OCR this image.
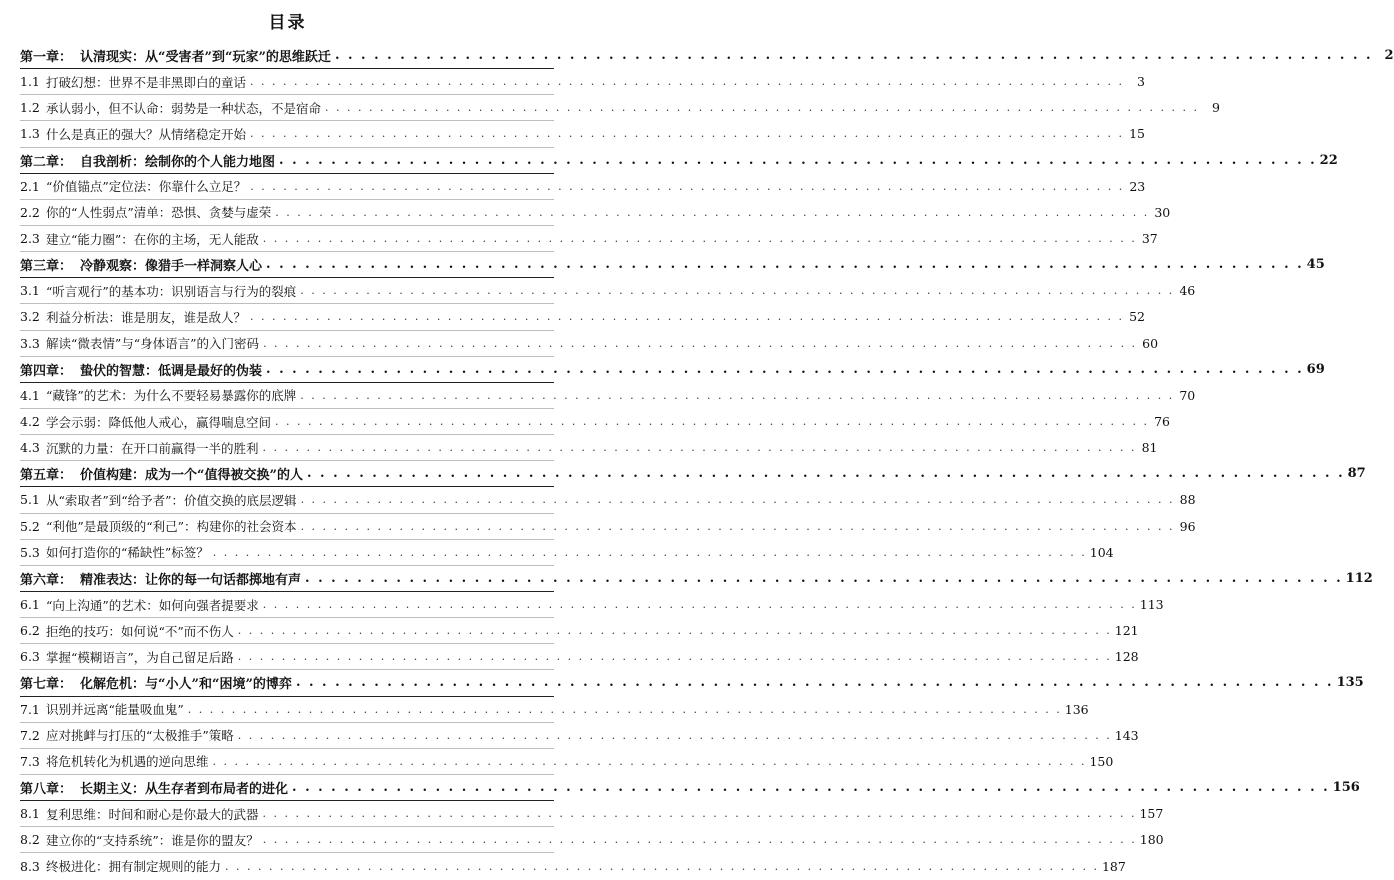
目录
第一章： 认清现实：从“受害者”到“玩家”的思维跃迁 . . . . . . . . . . . . . . . . . . . . . . . . . . . . . . . . . . . . . . . . . . . . . . . . . . . . . . . . . . . . . . . . . . . . . . . . . . . . . . . . 2
1.1 打破幻想：世界不是非黑即白的童话 . . . . . . . . . . . . . . . . . . . . . . . . . . . . . . . . . . . . . . . . . . . . . . . . . . . . . . . . . . . . . . . . . . . . . . . . . . . . . . . .	3
1.2 承认弱小，但不认命：弱势是一种状态，不是宿命 . . . . . . . . . . . . . . . . . . . . . . . . . . . . . . . . . . . . . . . . . . . . . . . . . . . . . . . . . . . . . . . . . . . . . . . . . . . . . . . .	9
1.3 什么是真正的强大？从情绪稳定开始 . . . . . . . . . . . . . . . . . . . . . . . . . . . . . . . . . . . . . . . . . . . . . . . . . . . . . . . . . . . . . . . . . . . . . . . . . . . . . . . . 15
第二章： 自我剖析：绘制你的个人能力地图 . . . . . . . . . . . . . . . . . . . . . . . . . . . . . . . . . . . . . . . . . . . . . . . . . . . . . . . . . . . . . . . . . . . . . . . . . . . . . . . . 22
2.1 “价值锚点”定位法：你靠什么立足？ . . . . . . . . . . . . . . . . . . . . . . . . . . . . . . . . . . . . . . . . . . . . . . . . . . . . . . . . . . . . . . . . . . . . . . . . . . . . . . . . 23
2.2 你的“人性弱点”清单：恐惧、贪婪与虚荣 . . . . . . . . . . . . . . . . . . . . . . . . . . . . . . . . . . . . . . . . . . . . . . . . . . . . . . . . . . . . . . . . . . . . . . . . . . . . . . . . 30
2.3 建立“能力圈”：在你的主场，无人能敌 . . . . . . . . . . . . . . . . . . . . . . . . . . . . . . . . . . . . . . . . . . . . . . . . . . . . . . . . . . . . . . . . . . . . . . . . . . . . . . . . 37
第三章： 冷静观察：像猎手一样洞察人心 . . . . . . . . . . . . . . . . . . . . . . . . . . . . . . . . . . . . . . . . . . . . . . . . . . . . . . . . . . . . . . . . . . . . . . . . . . . . . . . . 45
3.1 “听言观行”的基本功：识别语言与行为的裂痕 . . . . . . . . . . . . . . . . . . . . . . . . . . . . . . . . . . . . . . . . . . . . . . . . . . . . . . . . . . . . . . . . . . . . . . . . . . . . . . . . 46
3.2 利益分析法：谁是朋友，谁是敌人？ . . . . . . . . . . . . . . . . . . . . . . . . . . . . . . . . . . . . . . . . . . . . . . . . . . . . . . . . . . . . . . . . . . . . . . . . . . . . . . . . 52
3.3 解读“微表情”与“身体语言”的入门密码 . . . . . . . . . . . . . . . . . . . . . . . . . . . . . . . . . . . . . . . . . . . . . . . . . . . . . . . . . . . . . . . . . . . . . . . . . . . . . . . . 60
第四章： 蛰伏的智慧：低调是最好的伪装 . . . . . . . . . . . . . . . . . . . . . . . . . . . . . . . . . . . . . . . . . . . . . . . . . . . . . . . . . . . . . . . . . . . . . . . . . . . . . . . . 69
4.1 “藏锋”的艺术：为什么不要轻易暴露你的底牌 . . . . . . . . . . . . . . . . . . . . . . . . . . . . . . . . . . . . . . . . . . . . . . . . . . . . . . . . . . . . . . . . . . . . . . . . . . . . . . . . 70
4.2 学会示弱：降低他人戒心，赢得喘息空间 . . . . . . . . . . . . . . . . . . . . . . . . . . . . . . . . . . . . . . . . . . . . . . . . . . . . . . . . . . . . . . . . . . . . . . . . . . . . . . . . 76
4.3 沉默的力量：在开口前赢得一半的胜利 . . . . . . . . . . . . . . . . . . . . . . . . . . . . . . . . . . . . . . . . . . . . . . . . . . . . . . . . . . . . . . . . . . . . . . . . . . . . . . . . 81
第五章： 价值构建：成为一个“值得被交换”的人 . . . . . . . . . . . . . . . . . . . . . . . . . . . . . . . . . . . . . . . . . . . . . . . . . . . . . . . . . . . . . . . . . . . . . . . . . . . . . . . . 87
5.1 从“索取者”到“给予者”：价值交换的底层逻辑 . . . . . . . . . . . . . . . . . . . . . . . . . . . . . . . . . . . . . . . . . . . . . . . . . . . . . . . . . . . . . . . . . . . . . . . . . . . . . . . . 88
5.2 “利他”是最顶级的“利己”：构建你的社会资本 . . . . . . . . . . . . . . . . . . . . . . . . . . . . . . . . . . . . . . . . . . . . . . . . . . . . . . . . . . . . . . . . . . . . . . . . . . . . . . . . 96
5.3 如何打造你的“稀缺性”标签？ . . . . . . . . . . . . . . . . . . . . . . . . . . . . . . . . . . . . . . . . . . . . . . . . . . . . . . . . . . . . . . . . . . . . . . . . . . . . . . . . 104
第六章： 精准表达：让你的每一句话都掷地有声 . . . . . . . . . . . . . . . . . . . . . . . . . . . . . . . . . . . . . . . . . . . . . . . . . . . . . . . . . . . . . . . . . . . . . . . . . . . . . . . . 112
6.1 “向上沟通”的艺术：如何向强者提要求 . . . . . . . . . . . . . . . . . . . . . . . . . . . . . . . . . . . . . . . . . . . . . . . . . . . . . . . . . . . . . . . . . . . . . . . . . . . . . . . . 113
6.2 拒绝的技巧：如何说“不”而不伤人 . . . . . . . . . . . . . . . . . . . . . . . . . . . . . . . . . . . . . . . . . . . . . . . . . . . . . . . . . . . . . . . . . . . . . . . . . . . . . . . . 121
6.3 掌握“模糊语言”，为自己留足后路 . . . . . . . . . . . . . . . . . . . . . . . . . . . . . . . . . . . . . . . . . . . . . . . . . . . . . . . . . . . . . . . . . . . . . . . . . . . . . . . . 128
第七章： 化解危机：与“小人”和“困境”的博弈 . . . . . . . . . . . . . . . . . . . . . . . . . . . . . . . . . . . . . . . . . . . . . . . . . . . . . . . . . . . . . . . . . . . . . . . . . . . . . . . . 135
7.1 识别并远离“能量吸血鬼” . . . . . . . . . . . . . . . . . . . . . . . . . . . . . . . . . . . . . . . . . . . . . . . . . . . . . . . . . . . . . . . . . . . . . . . . . . . . . . . . 136
7.2 应对挑衅与打压的“太极推手”策略 . . . . . . . . . . . . . . . . . . . . . . . . . . . . . . . . . . . . . . . . . . . . . . . . . . . . . . . . . . . . . . . . . . . . . . . . . . . . . . . . 143
7.3 将危机转化为机遇的逆向思维 . . . . . . . . . . . . . . . . . . . . . . . . . . . . . . . . . . . . . . . . . . . . . . . . . . . . . . . . . . . . . . . . . . . . . . . . . . . . . . . . 150
第八章： 长期主义：从生存者到布局者的进化 . . . . . . . . . . . . . . . . . . . . . . . . . . . . . . . . . . . . . . . . . . . . . . . . . . . . . . . . . . . . . . . . . . . . . . . . . . . . . . . . 156
8.1 复利思维：时间和耐心是你最大的武器 . . . . . . . . . . . . . . . . . . . . . . . . . . . . . . . . . . . . . . . . . . . . . . . . . . . . . . . . . . . . . . . . . . . . . . . . . . . . . . . . 157
8.2 建立你的“支持系统”：谁是你的盟友？ . . . . . . . . . . . . . . . . . . . . . . . . . . . . . . . . . . . . . . . . . . . . . . . . . . . . . . . . . . . . . . . . . . . . . . . . . . . . . . . . 180
8.3 终极进化：拥有制定规则的能力 . . . . . . . . . . . . . . . . . . . . . . . . . . . . . . . . . . . . . . . . . . . . . . . . . . . . . . . . . . . . . . . . . . . . . . . . . . . . . . . . 187
